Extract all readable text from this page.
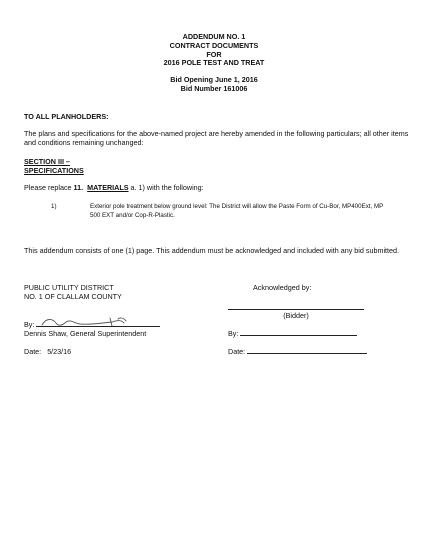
ADDENDUM NO. 1
CONTRACT DOCUMENTS
FOR
2016 POLE TEST AND TREAT
Bid Opening June 1, 2016
Bid Number 161006
TO ALL PLANHOLDERS:
The plans and specifications for the above-named project are hereby amended in the following particulars; all other items and conditions remaining unchanged:
SECTION III –
SPECIFICATIONS
Please replace 11. MATERIALS a. 1) with the following:
1)	Exterior pole treatment below ground level: The District will allow the Paste Form of Cu-Bor, MP400Ext, MP 500 EXT and/or Cop-R-Plastic.
This addendum consists of one (1) page. This addendum must be acknowledged and included with any bid submitted.
PUBLIC UTILITY DISTRICT
NO. 1 OF CLALLAM COUNTY
By:
Dennis Shaw, General Superintendent
Date: 5/23/16
Acknowledged by:
(Bidder)
By:
Date:
